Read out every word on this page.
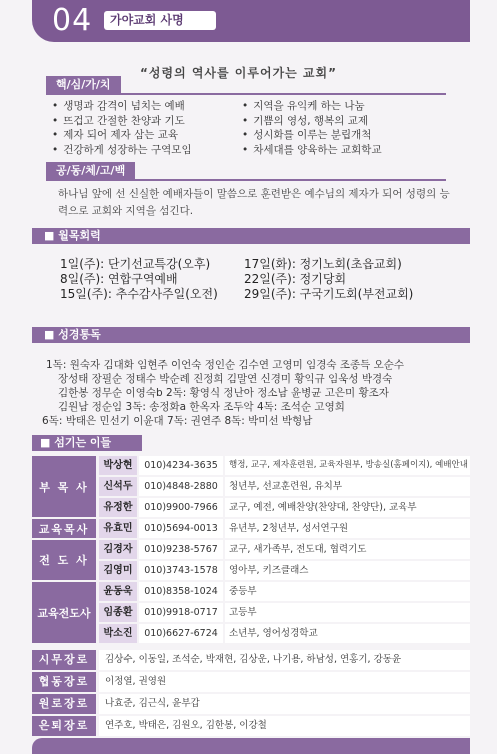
04	가야교회 사명
“성령의 역사를 이루어가는 교회”
핵/심/가/치
• 생명과 감격이 넘치는 예배
• 뜨겁고 간절한 찬양과 기도
• 제자 되어 제자 삼는 교육
• 건강하게 성장하는 구역모임
• 지역을 유익케 하는 나눔
• 기쁨의 영성, 행복의 교제
• 성시화를 이루는 분립개척
• 차세대를 양육하는 교회학교
공/동/체/고/백
하나님 앞에 선 신실한 예배자들이 말씀으로 훈련받은 예수님의 제자가 되어 성령의 능력으로 교회와 지역을 섬긴다.
■ 월목회력
1일(주): 단기선교특강(오후)
8일(주): 연합구역예배
15일(주): 추수감사주일(오전)
17일(화): 정기노회(초읍교회)
22일(주): 정기당회
29일(주): 구국기도회(부전교회)
■ 성경통독
1독: 원숙자 김대화 임현주 이언숙 정인순 김수연 고영미 임경숙 조종득 오순수
장성태 장필순 정태수 박순례 진정희 김말연 신경미 황익규 임욱성 박경숙
김한봉 정무순 이영숙b 2독: 황영식 정난아 정소남 윤병균 고은미 황조자
김원남 정순임 3독: 송정화a 한옥자 조두악 4독: 조석순 고영희
6독: 박태은 민선기 이윤대 7독: 권연주 8독: 박미선 박형남
■ 섬기는 이들
부 목 사
박상현	010)4234-3635	행정, 교구, 제자훈련원, 교육자원부, 방송실(홈페이지), 예배안내
신석두	010)4848-2880	청년부, 선교훈련원, 유치부
유정한	010)9900-7966	교구, 예전, 예배찬양(찬양대, 찬양단), 교육부
교육목사	유효민	010)5694-0013	유년부, 2청년부, 성서연구원
전 도 사
김경자	010)9238-5767	교구, 새가족부, 전도대, 협력기도
김영미	010)3743-1578	영아부, 키즈클래스
교육전도사
윤동욱	010)8358-1024	중등부
임종환	010)9918-0717	고등부
박소진	010)6627-6724	소년부, 영어성경학교
시무장로	김상수, 이동일, 조석순, 박재현, 김상운, 나기용, 하남성, 연홍기, 강동윤
협동장로	이정열, 권영원
원로장로	나효준, 김근식, 윤부갑
은퇴장로	연주호, 박태은, 김원오, 김한봉, 이강철
